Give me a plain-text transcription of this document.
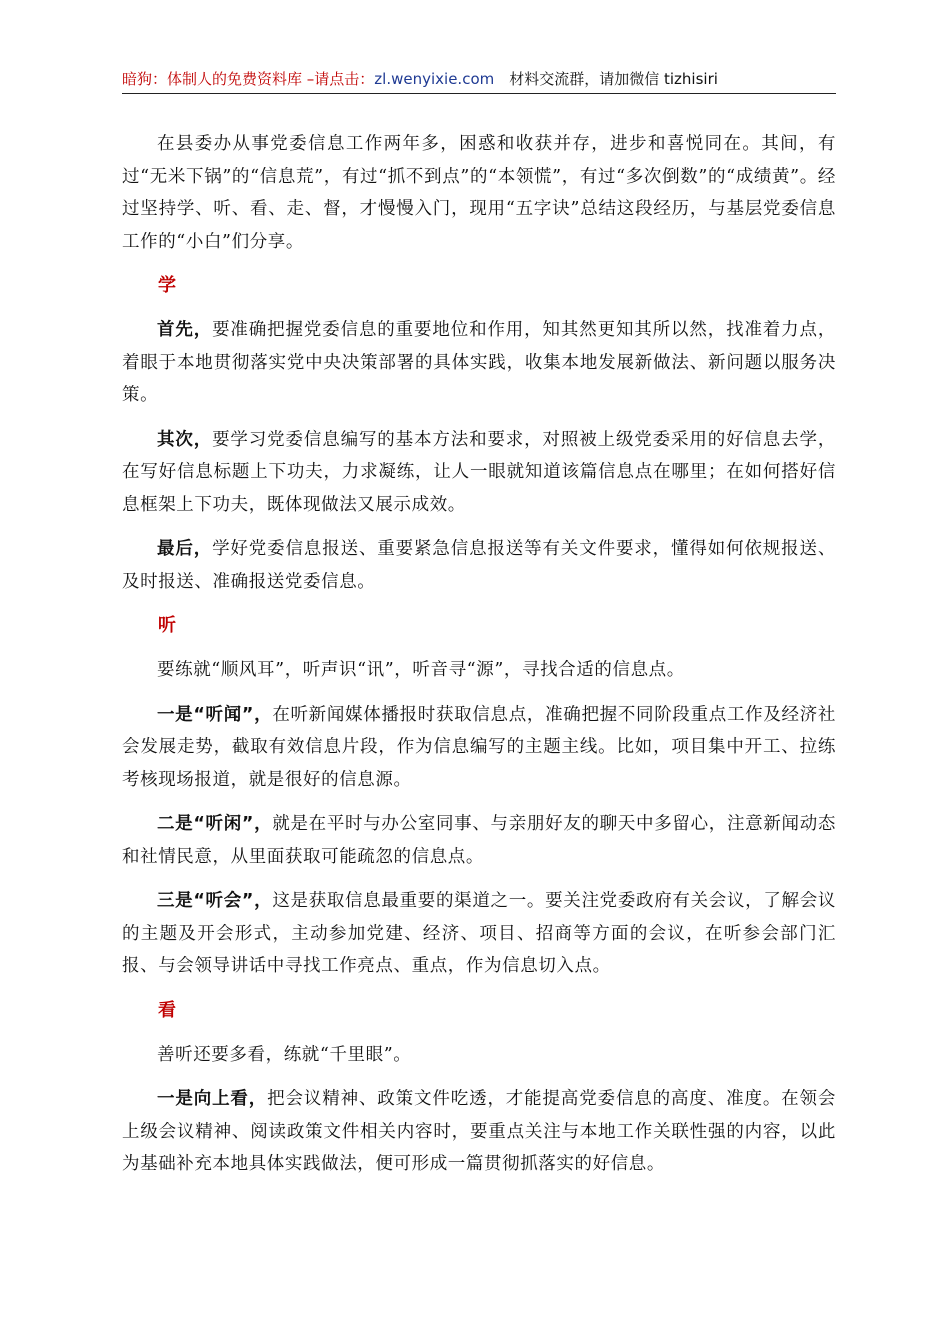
暗狗：体制人的免费资料库 –请点击：zl.wenyixie.com　材料交流群，请加微信 tizhisiri

在县委办从事党委信息工作两年多，困惑和收获并存，进步和喜悦同在。其间，有过“无米下锅”的“信息荒”，有过“抓不到点”的“本领慌”，有过“多次倒数”的“成绩黄”。经过坚持学、听、看、走、督，才慢慢入门，现用“五字诀”总结这段经历，与基层党委信息工作的“小白”们分享。

学

首先，要准确把握党委信息的重要地位和作用，知其然更知其所以然，找准着力点，着眼于本地贯彻落实党中央决策部署的具体实践，收集本地发展新做法、新问题以服务决策。

其次，要学习党委信息编写的基本方法和要求，对照被上级党委采用的好信息去学，在写好信息标题上下功夫，力求凝练，让人一眼就知道该篇信息点在哪里；在如何搭好信息框架上下功夫，既体现做法又展示成效。

最后，学好党委信息报送、重要紧急信息报送等有关文件要求，懂得如何依规报送、及时报送、准确报送党委信息。

听

要练就“顺风耳”，听声识“讯”，听音寻“源”，寻找合适的信息点。

一是“听闻”，在听新闻媒体播报时获取信息点，准确把握不同阶段重点工作及经济社会发展走势，截取有效信息片段，作为信息编写的主题主线。比如，项目集中开工、拉练考核现场报道，就是很好的信息源。

二是“听闲”，就是在平时与办公室同事、与亲朋好友的聊天中多留心，注意新闻动态和社情民意，从里面获取可能疏忽的信息点。

三是“听会”，这是获取信息最重要的渠道之一。要关注党委政府有关会议，了解会议的主题及开会形式，主动参加党建、经济、项目、招商等方面的会议，在听参会部门汇报、与会领导讲话中寻找工作亮点、重点，作为信息切入点。

看

善听还要多看，练就“千里眼”。

一是向上看，把会议精神、政策文件吃透，才能提高党委信息的高度、准度。在领会上级会议精神、阅读政策文件相关内容时，要重点关注与本地工作关联性强的内容，以此为基础补充本地具体实践做法，便可形成一篇贯彻抓落实的好信息。
